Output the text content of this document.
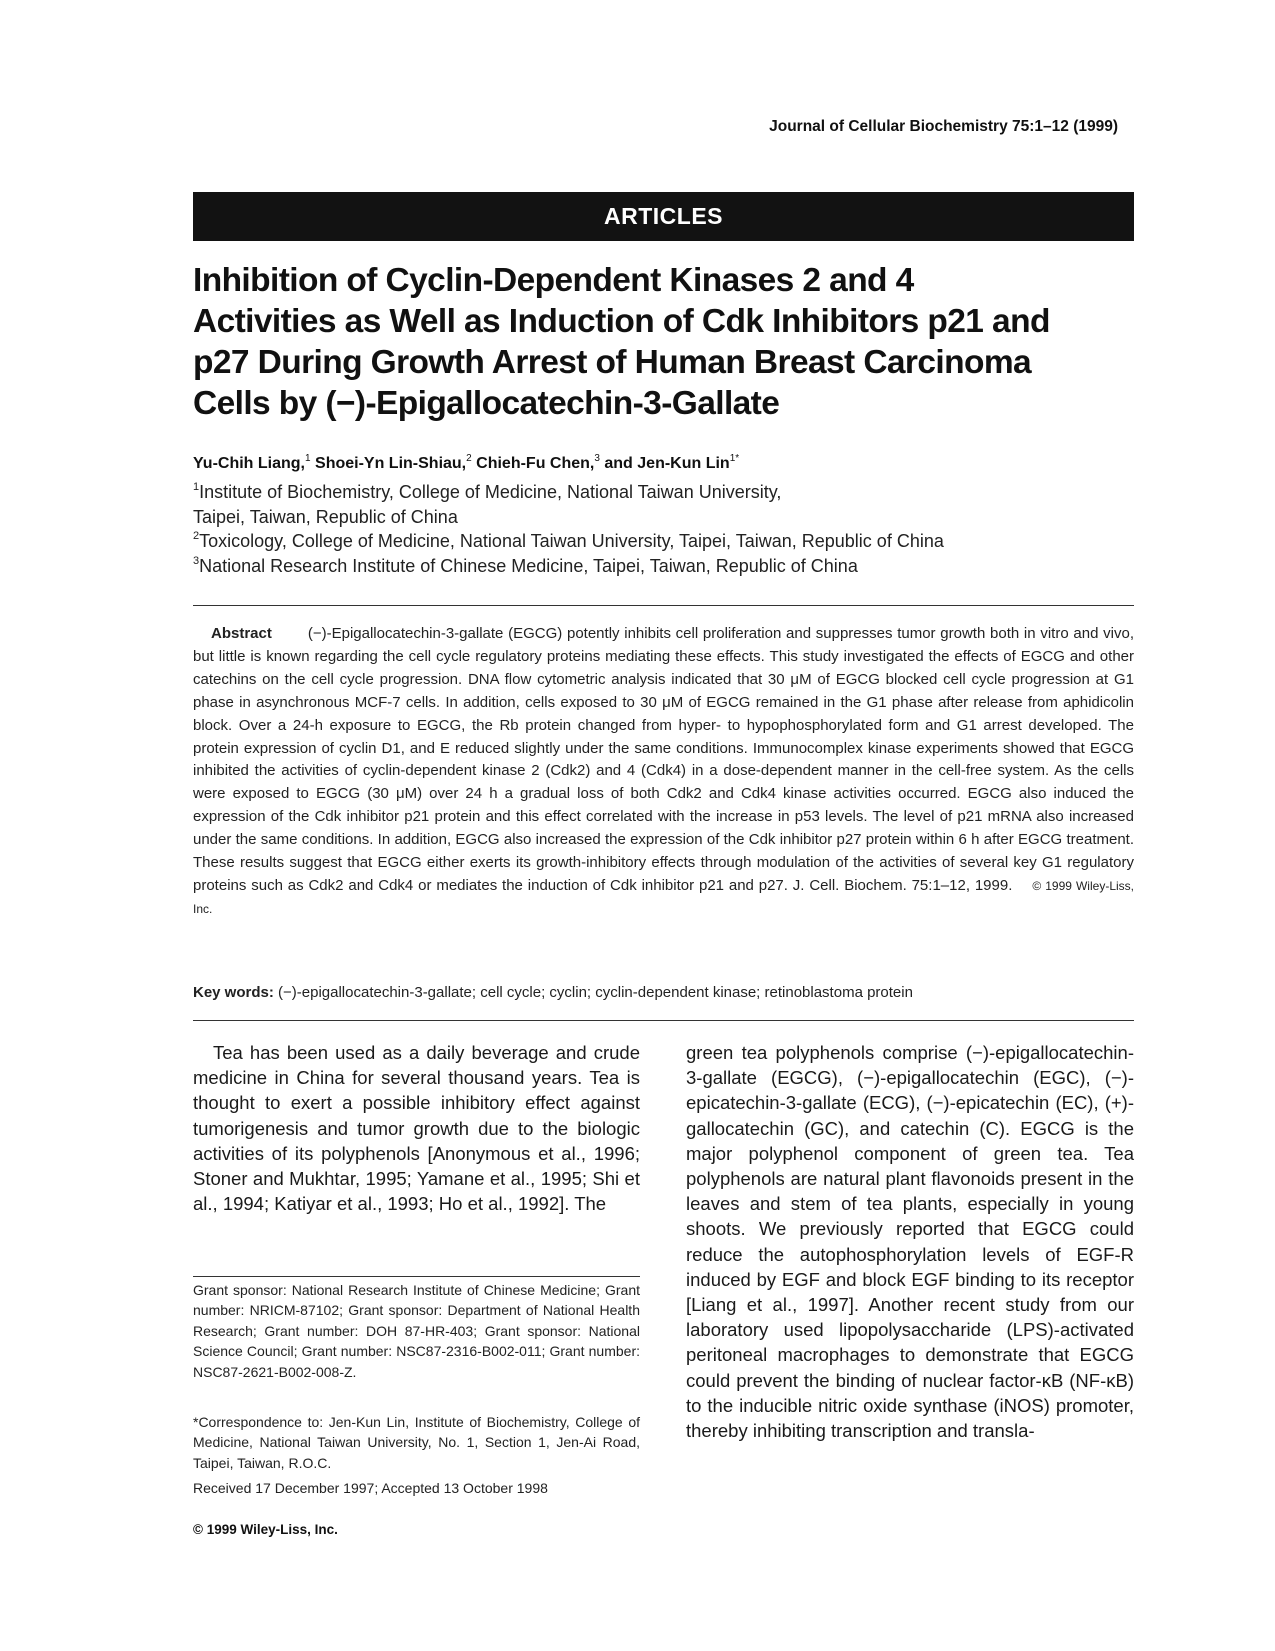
Journal of Cellular Biochemistry 75:1–12 (1999)
ARTICLES
Inhibition of Cyclin-Dependent Kinases 2 and 4
Activities as Well as Induction of Cdk Inhibitors p21 and
p27 During Growth Arrest of Human Breast Carcinoma
Cells by (−)-Epigallocatechin-3-Gallate
Yu-Chih Liang,$^1$ Shoei-Yn Lin-Shiau,$^2$ Chieh-Fu Chen,$^3$ and Jen-Kun Lin$^{1*}$
$^1$Institute of Biochemistry, College of Medicine, National Taiwan University,
Taipei, Taiwan, Republic of China
$^2$Toxicology, College of Medicine, National Taiwan University, Taipei, Taiwan, Republic of China
$^3$National Research Institute of Chinese Medicine, Taipei, Taiwan, Republic of China
Abstract (−)-Epigallocatechin-3-gallate (EGCG) potently inhibits cell proliferation and suppresses tumor growth both in vitro and vivo, but little is known regarding the cell cycle regulatory proteins mediating these effects. This study investigated the effects of EGCG and other catechins on the cell cycle progression. DNA flow cytometric analysis indicated that 30 μM of EGCG blocked cell cycle progression at G1 phase in asynchronous MCF-7 cells. In addition, cells exposed to 30 μM of EGCG remained in the G1 phase after release from aphidicolin block. Over a 24-h exposure to EGCG, the Rb protein changed from hyper- to hypophosphorylated form and G1 arrest developed. The protein expression of cyclin D1, and E reduced slightly under the same conditions. Immunocomplex kinase experiments showed that EGCG inhibited the activities of cyclin-dependent kinase 2 (Cdk2) and 4 (Cdk4) in a dose-dependent manner in the cell-free system. As the cells were exposed to EGCG (30 μM) over 24 h a gradual loss of both Cdk2 and Cdk4 kinase activities occurred. EGCG also induced the expression of the Cdk inhibitor p21 protein and this effect correlated with the increase in p53 levels. The level of p21 mRNA also increased under the same conditions. In addition, EGCG also increased the expression of the Cdk inhibitor p27 protein within 6 h after EGCG treatment. These results suggest that EGCG either exerts its growth-inhibitory effects through modulation of the activities of several key G1 regulatory proteins such as Cdk2 and Cdk4 or mediates the induction of Cdk inhibitor p21 and p27. J. Cell. Biochem. 75:1–12, 1999. © 1999 Wiley-Liss, Inc.
Key words: (−)-epigallocatechin-3-gallate; cell cycle; cyclin; cyclin-dependent kinase; retinoblastoma protein

Tea has been used as a daily beverage and crude medicine in China for several thousand years. Tea is thought to exert a possible inhibitory effect against tumorigenesis and tumor growth due to the biologic activities of its polyphenols [Anonymous et al., 1996; Stoner and Mukhtar, 1995; Yamane et al., 1995; Shi et al., 1994; Katiyar et al., 1993; Ho et al., 1992]. The

green tea polyphenols comprise (−)-epigallocatechin-3-gallate (EGCG), (−)-epigallocatechin (EGC), (−)-epicatechin-3-gallate (ECG), (−)-epicatechin (EC), (+)-gallocatechin (GC), and catechin (C). EGCG is the major polyphenol component of green tea. Tea polyphenols are natural plant flavonoids present in the leaves and stem of tea plants, especially in young shoots. We previously reported that EGCG could reduce the autophosphorylation levels of EGF-R induced by EGF and block EGF binding to its receptor [Liang et al., 1997]. Another recent study from our laboratory used lipopolysaccharide (LPS)-activated peritoneal macrophages to demonstrate that EGCG could prevent the binding of nuclear factor-κB (NF-κB) to the inducible nitric oxide synthase (iNOS) promoter, thereby inhibiting transcription and transla-

Grant sponsor: National Research Institute of Chinese Medicine; Grant number: NRICM-87102; Grant sponsor: Department of National Health Research; Grant number: DOH 87-HR-403; Grant sponsor: National Science Council; Grant number: NSC87-2316-B002-011; Grant number: NSC87-2621-B002-008-Z.

*Correspondence to: Jen-Kun Lin, Institute of Biochemistry, College of Medicine, National Taiwan University, No. 1, Section 1, Jen-Ai Road, Taipei, Taiwan, R.O.C.

Received 17 December 1997; Accepted 13 October 1998

© 1999 Wiley-Liss, Inc.
